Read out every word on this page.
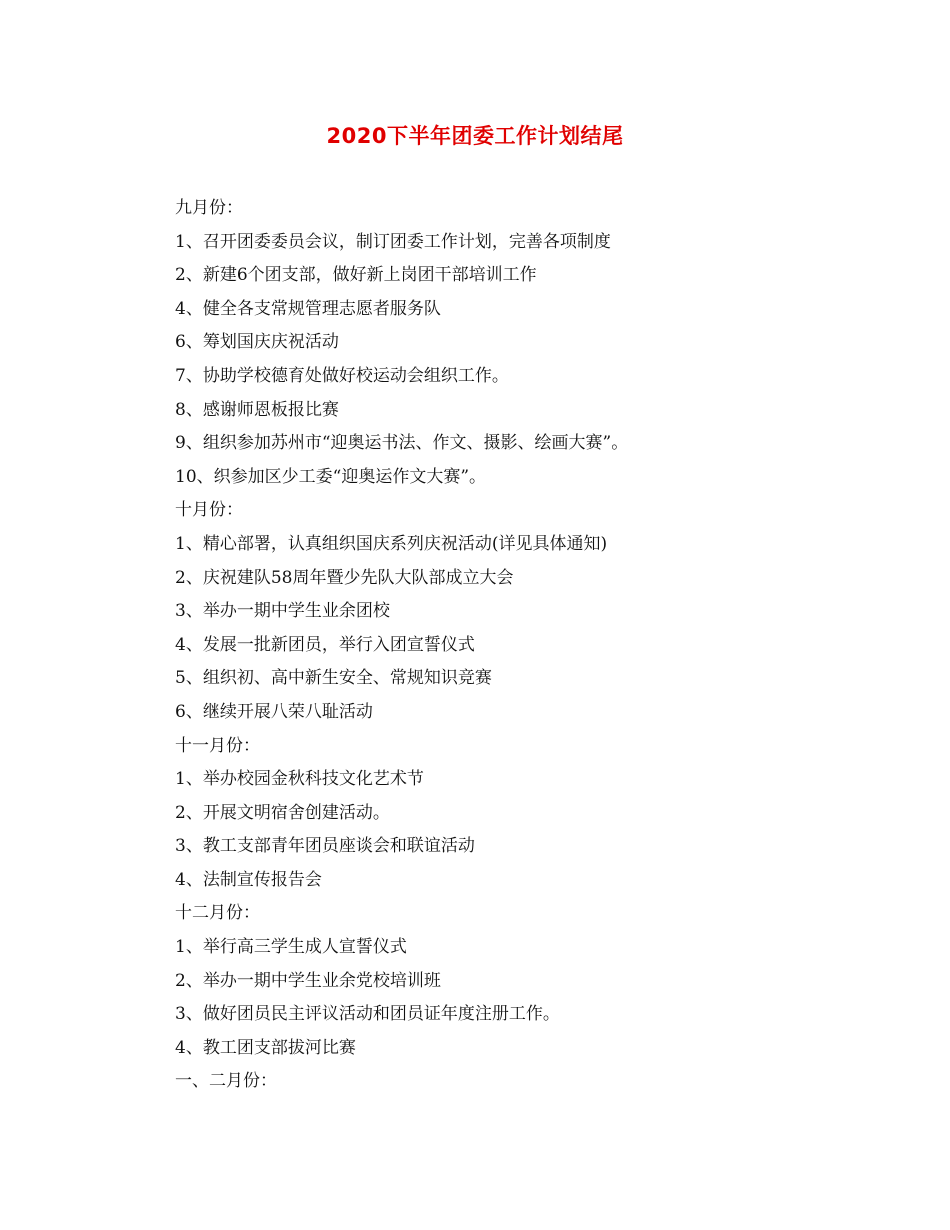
2020下半年团委工作计划结尾
九月份：
1、召开团委委员会议，制订团委工作计划，完善各项制度
2、新建6个团支部，做好新上岗团干部培训工作
4、健全各支常规管理志愿者服务队
6、筹划国庆庆祝活动
7、协助学校德育处做好校运动会组织工作。
8、感谢师恩板报比赛
9、组织参加苏州市“迎奥运书法、作文、摄影、绘画大赛”。
10、织参加区少工委“迎奥运作文大赛”。
十月份：
1、精心部署，认真组织国庆系列庆祝活动(详见具体通知)
2、庆祝建队58周年暨少先队大队部成立大会
3、举办一期中学生业余团校
4、发展一批新团员，举行入团宣誓仪式
5、组织初、高中新生安全、常规知识竞赛
6、继续开展八荣八耻活动
十一月份：
1、举办校园金秋科技文化艺术节
2、开展文明宿舍创建活动。
3、教工支部青年团员座谈会和联谊活动
4、法制宣传报告会
十二月份：
1、举行高三学生成人宣誓仪式
2、举办一期中学生业余党校培训班
3、做好团员民主评议活动和团员证年度注册工作。
4、教工团支部拔河比赛
一、二月份：
